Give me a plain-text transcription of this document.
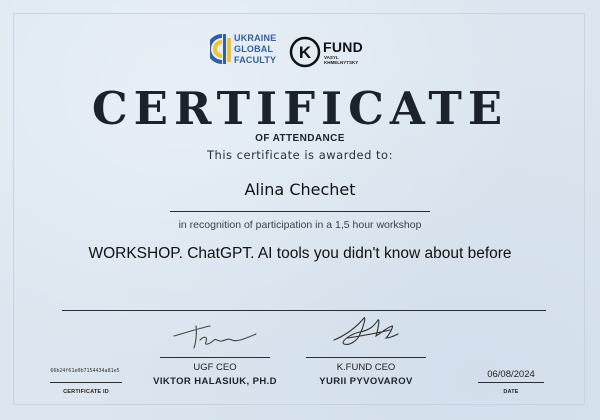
UKRAINE
GLOBAL
FACULTY K FUND
VASYL
KHMELNYTSKY
CERTIFICATE
OF ATTENDANCE
This certificate is awarded to:
Alina Chechet
in recognition of participation in a 1,5 hour workshop
WORKSHOP. ChatGPT. AI tools you didn't know about before
UGF CEO
VIKTOR HALASIUK, PH.D
K.FUND CEO
YURII PYVOVAROV
66b24f61e0b7154434a81e5
CERTIFICATE ID
06/08/2024
DATE
